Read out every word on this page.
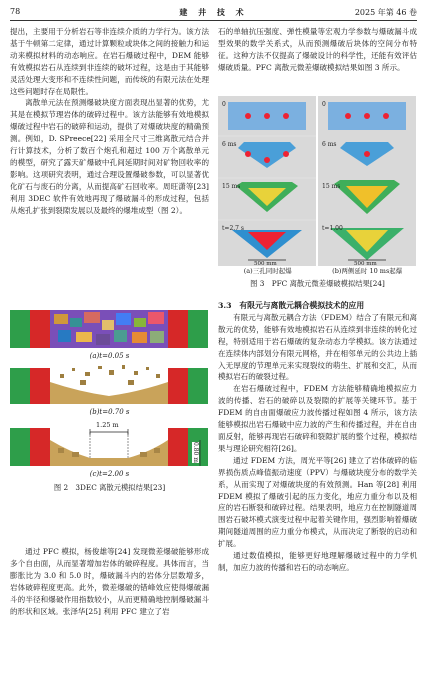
78	建 井 技 术	2025 年第 46 卷

提出，主要用于分析岩石等非连续介质的力学行为。该方法基于牛顿第二定律，通过计算颗粒或块体之间的接触力和运动来模拟材料的动态响应。在岩石爆破过程中，DEM 能够有效模拟岩石从连续到非连续的破坏过程，这是由于其能够灵活处理大变形和不连续性问题，而传统的有限元法在处理这些问题时存在局限性。

离散单元法在预测爆破块度方面表现出显著的优势，尤其是在模拟节理岩体的破碎过程中。该方法能够有效地模拟爆破过程中岩石的破碎和运动，提供了对爆破块度的精确预测。例如，D. SPreece[22] 采用全尺寸三维离散元结合并行计算技术，分析了数百个炮孔和超过 100 万个离散单元的模型，研究了露天矿爆破中孔间延期时间对矿物回收率的影响。这项研究表明，通过合理设置爆破参数，可以显著优化矿石与废石的分离，从而提高矿石回收率。周旺潇等[23] 利用 3DEC 软件有效地再现了爆破漏斗的形成过程，包括从炮孔扩张到裂隙发展以及最终的爆堆成型（图 2）。

(a)t=0.05 s
(b)t=0.70 s
1.25 m
0.80 m
(c)t=2.00 s
图 2　3DEC 离散元模拟结果[23]

通过 PFC 模拟，杨俊雄等[24] 发现微差爆破能够形成多个自由面，从而显著增加岩体的破碎程度。具体而言，当膨胀比为 3.0 和 5.0 时，爆破漏斗内的岩体分层数增多，岩体破碎程度更高。此外，微差爆破的错峰效应使得爆破漏斗的半径和爆破作用指数较小，从而更精确地控制爆破漏斗的形状和区域。张泽华[25] 利用 PFC 建立了岩

石的单轴抗压强度、弹性模量等宏观力学参数与爆破漏斗成型效果的数学关系式，从而预测爆破后块体的空间分布特征。这种方法不仅提高了爆破设计的科学性，还能有效评估爆破质量。PFC 离散元微差爆破模拟结果如图 3 所示。

0
6 ms
15 ms
t=2.7 s
500 mm
0
6 ms
15 ms
t=1.00
500 mm
(a)三孔同时起爆	(b)两侧延时 10 ms起爆
图 3　PFC 离散元微差爆破模拟结果[24]

3.3　有限元与离散元耦合模拟技术的应用

有限元与离散元耦合方法（FDEM）结合了有限元和离散元的优势，能够有效地模拟岩石从连续到非连续的转化过程，特别适用于岩石爆破的复杂动态力学模拟。该方法通过在连续体内部划分有限元网格，并在相邻单元的公共边上插入无厚度的节理单元来实现裂纹的萌生、扩展和交汇，从而模拟岩石的破裂过程。

在岩石爆破过程中，FDEM 方法能够精确地模拟应力波的传播、岩石的破碎以及裂隙的扩展等关键环节。基于 FDEM 的自由面爆破应力波传播过程如图 4 所示，该方法能够模拟出岩石爆破中应力波的产生和传播过程，并在自由面反射，能够再现岩石破碎和裂隙扩展的整个过程，模拟结果与理论研究相符[26]。

通过 FDEM 方法，周光平等[26] 建立了岩体破碎的临界损伤质点峰值振动速度（PPV）与爆破块度分布的数学关系，从而实现了对爆破块度的有效预测。Han 等[28] 利用 FDEM 模拟了爆破引起的压力变化，地应力重分布以及相应的岩石断裂和破碎过程。结果表明，地应力在控制隧道周围岩石破坏模式演变过程中起着关键作用，强烈影响着爆破期间隧道周围的应力重分布模式，从而决定了断裂的启动和扩展。

通过数值模拟，能够更好地理解爆破过程中的力学机制，加应力波的传播和岩石的动态响应。
